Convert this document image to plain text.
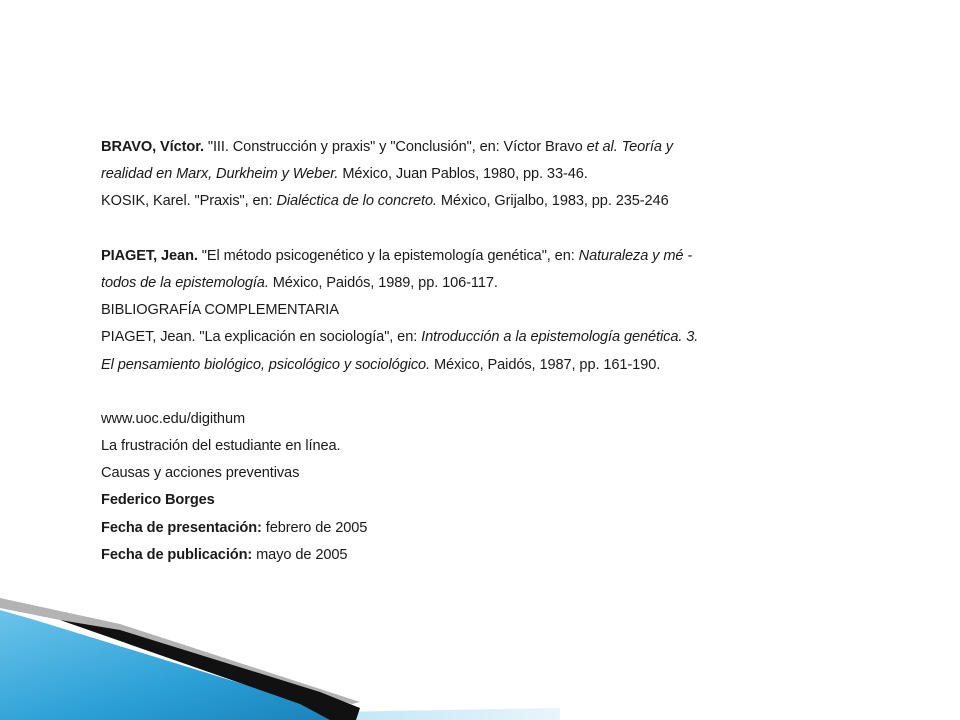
BRAVO, Víctor. "III. Construcción y praxis" y "Conclusión", en: Víctor Bravo et al. Teoría y
realidad en Marx, Durkheim y Weber. México, Juan Pablos, 1980, pp. 33-46.
KOSIK, Karel. "Praxis", en: Dialéctica de lo concreto. México, Grijalbo, 1983, pp. 235-246
PIAGET, Jean. "El método psicogenético y la epistemología genética", en: Naturaleza y mé -
todos de la epistemología. México, Paidós, 1989, pp. 106-117.
BIBLIOGRAFÍA COMPLEMENTARIA
PIAGET, Jean. "La explicación en sociología", en: Introducción a la epistemología genética. 3.
El pensamiento biológico, psicológico y sociológico. México, Paidós, 1987, pp. 161-190.
www.uoc.edu/digithum
La frustración del estudiante en línea.
Causas y acciones preventivas
Federico Borges
Fecha de presentación: febrero de 2005
Fecha de publicación: mayo de 2005
